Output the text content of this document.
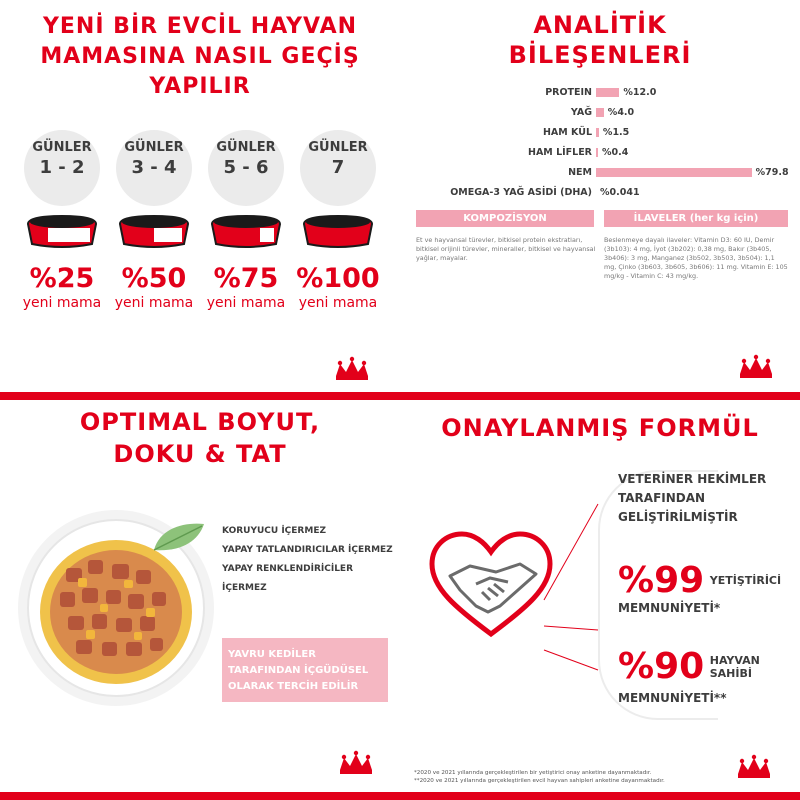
YENİ BİR EVCİL HAYVAN
MAMASINA NASIL GEÇİŞ YAPILIR
GÜNLER
1 - 2
%25
yeni mama
GÜNLER
3 - 4
%50
yeni mama
GÜNLER
5 - 6
%75
yeni mama
GÜNLER
7
%100
yeni mama
ANALİTİK
BİLEŞENLERİ
PROTEIN	%12.0
YAĞ %4.0
HAM KÜL %1.5
HAM LİFLER %0.4
NEM	%79.8
OMEGA-3 YAĞ ASİDİ (DHA) %0.041
KOMPOZİSYON
Et ve hayvansal türevler, bitkisel protein ekstratları, bitkisel orijinli türevler, mineraller, bitkisel ve hayvansal yağlar, mayalar.
İLAVELER (her kg için)
Beslenmeye dayalı ilaveler: Vitamin D3: 60 IU, Demir (3b103): 4 mg, İyot (3b202): 0,38 mg, Bakır (3b405, 3b406): 3 mg, Manganez (3b502, 3b503, 3b504): 1,1 mg, Çinko (3b603, 3b605, 3b606): 11 mg. Vitamin E: 105 mg/kg - Vitamin C: 43 mg/kg.
OPTIMAL BOYUT,
DOKU & TAT
KORUYUCU İÇERMEZ
YAPAY TATLANDIRICILAR İÇERMEZ
YAPAY RENKLENDİRİCİLER İÇERMEZ
YAVRU KEDİLER TARAFINDAN İÇGÜDÜSEL OLARAK TERCİH EDİLİR
ONAYLANMIŞ FORMÜL
VETERİNER HEKİMLER
TARAFINDAN
GELİŞTİRİLMİŞTİR
%99 YETİŞTİRİCİ
MEMNUNİYETİ*
%90 HAYVAN
SAHİBİ
MEMNUNİYETİ**
*2020 ve 2021 yıllarında gerçekleştirilen bir yetiştirici onay anketine dayanmaktadır.
**2020 ve 2021 yıllarında gerçekleştirilen evcil hayvan sahipleri anketine dayanmaktadır.
